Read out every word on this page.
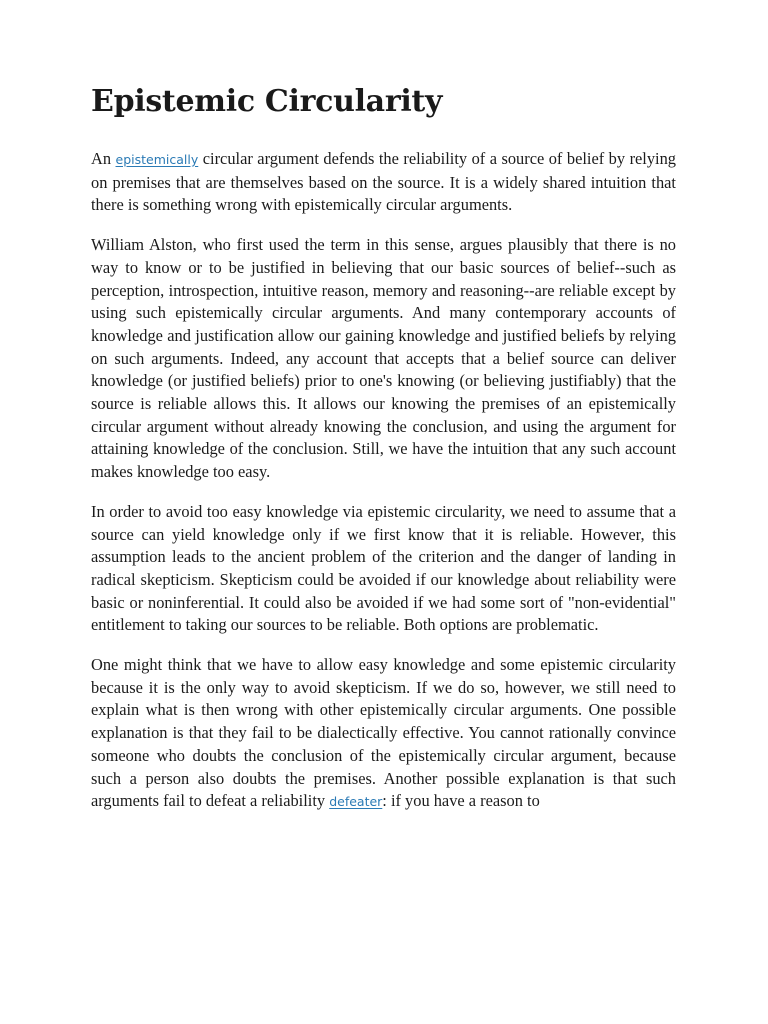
Epistemic Circularity

An epistemically circular argument defends the reliability of a source of belief by relying on premises that are themselves based on the source. It is a widely shared intuition that there is something wrong with epistemically circular arguments.

William Alston, who first used the term in this sense, argues plausibly that there is no way to know or to be justified in believing that our basic sources of belief--such as perception, introspection, intuitive reason, memory and reasoning--are reliable except by using such epistemically circular arguments. And many contemporary accounts of knowledge and justification allow our gaining knowledge and justified beliefs by relying on such arguments. Indeed, any account that accepts that a belief source can deliver knowledge (or justified beliefs) prior to one's knowing (or believing justifiably) that the source is reliable allows this. It allows our knowing the premises of an epistemically circular argument without already knowing the conclusion, and using the argument for attaining knowledge of the conclusion. Still, we have the intuition that any such account makes knowledge too easy.

In order to avoid too easy knowledge via epistemic circularity, we need to assume that a source can yield knowledge only if we first know that it is reliable. However, this assumption leads to the ancient problem of the criterion and the danger of landing in radical skepticism. Skepticism could be avoided if our knowledge about reliability were basic or noninferential. It could also be avoided if we had some sort of "non-evidential" entitlement to taking our sources to be reliable. Both options are problematic.

One might think that we have to allow easy knowledge and some epistemic circularity because it is the only way to avoid skepticism. If we do so, however, we still need to explain what is then wrong with other epistemically circular arguments. One possible explanation is that they fail to be dialectically effective. You cannot rationally convince someone who doubts the conclusion of the epistemically circular argument, because such a person also doubts the premises. Another possible explanation is that such arguments fail to defeat a reliability defeater: if you have a reason to
